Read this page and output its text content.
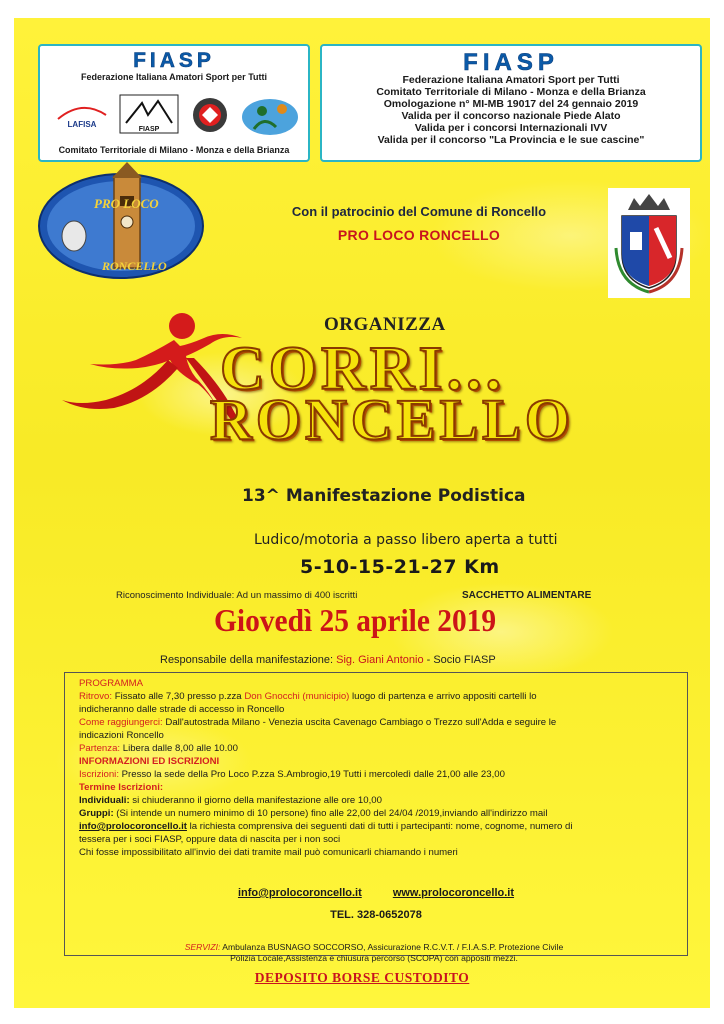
FIASP
Federazione Italiana Amatori Sport per Tutti
LAFISA
FIASP
Comitato Territoriale di Milano - Monza e della Brianza
FIASP
Federazione Italiana Amatori Sport per Tutti
Comitato Territoriale di Milano - Monza e della Brianza
Omologazione n° MI-MB 19017 del 24 gennaio 2019
Valida per il concorso nazionale Piede Alato
Valida per i concorsi Internazionali IVV
Valida per il concorso "La Provincia e le sue cascine"
PRO LOCO
RONCELLO
Con il patrocinio del Comune di Roncello
PRO LOCO RONCELLO
ORGANIZZA
CORRI...
RONCELLO
13^ Manifestazione Podistica
Ludico/motoria a passo libero aperta a tutti
5-10-15-21-27 Km
Riconoscimento Individuale: Ad un massimo di 400 iscritti	SACCHETTO ALIMENTARE
Giovedì 25 aprile 2019
Responsabile della manifestazione: Sig. Giani Antonio - Socio FIASP
PROGRAMMA
Ritrovo: Fissato alle 7,30 presso p.zza Don Gnocchi (municipio) luogo di partenza e arrivo appositi cartelli lo
indicheranno dalle strade di accesso in Roncello
Come raggiungerci: Dall'autostrada Milano - Venezia uscita Cavenago Cambiago o Trezzo sull'Adda e seguire le
indicazioni Roncello
Partenza: Libera dalle 8,00 alle 10.00
INFORMAZIONI ED ISCRIZIONI
Iscrizioni: Presso la sede della Pro Loco P.zza S.Ambrogio,19 Tutti i mercoledì dalle 21,00 alle 23,00
Termine Iscrizioni:
Individuali: si chiuderanno il giorno della manifestazione alle ore 10,00
Gruppi: (Si intende un numero minimo di 10 persone) fino alle 22,00 del 24/04 /2019,inviando all'indirizzo mail
info@prolocoroncello.it la richiesta comprensiva dei seguenti dati di tutti i partecipanti: nome, cognome, numero di
tessera per i soci FIASP, oppure data di nascita per i non soci
Chi fosse impossibilitato all'invio dei dati tramite mail può comunicarli chiamando i numeri
info@prolocoroncello.it	www.prolocoroncello.it
TEL. 328-0652078
SERVIZI: Ambulanza BUSNAGO SOCCORSO, Assicurazione R.C.V.T. / F.I.A.S.P. Protezione Civile
Polizia Locale,Assistenza e chiusura percorso (SCOPA) con appositi mezzi.
DEPOSITO BORSE CUSTODITO
